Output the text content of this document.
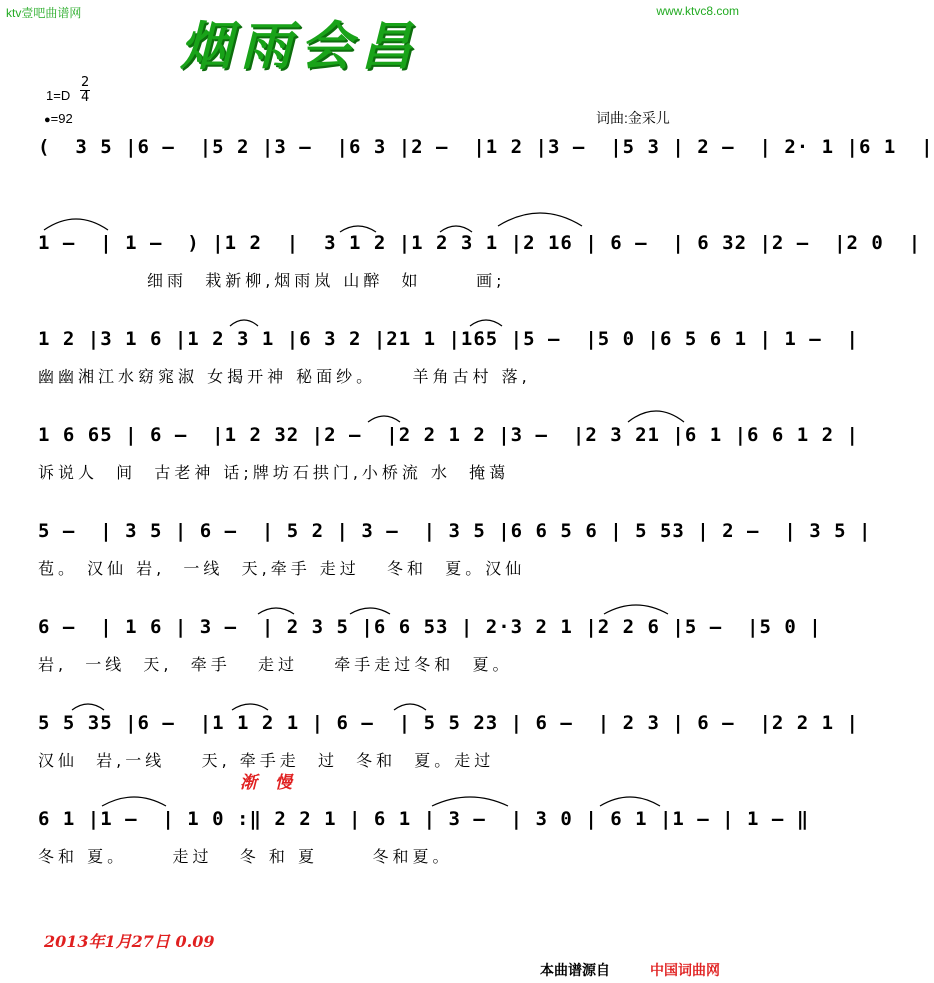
ktv壹吧曲谱网	www.ktvc8.com
烟雨会昌
$1=D \frac{2}{4}$
●=92	词曲:金采儿
(  3 5 |6 –  |5 2 |3 –  |6 3 |2 –  |1 2 |3 –  |5 3 | 2 –  | 2· 1 |6 1  |
1 –  | 1 –  ) |1 2  |  3 1 2 |1 2 3 1 |2 16 | 6 –  | 6 32 |2 –  |2 0  |
细雨  栽新柳,烟雨岚 山醉  如      画;
1 2 |3 1 6 |1 2 3 1 |6 3 2 |21 1 |165 |5 –  |5 0 |6 5 6 1 | 1 –  |
幽幽湘江水窈窕淑 女揭开神 秘面纱。    羊角古村 落,
1 6 65 | 6 –  |1 2 32 |2 –  |2 2 1 2 |3 –  |2 3 21 |6 1 |6 6 1 2 |
诉说人  间  古老神 话;牌坊石拱门,小桥流 水  掩蔼
5 –  | 3 5 | 6 –  | 5 2 | 3 –  | 3 5 |6 6 5 6 | 5 53 | 2 –  | 3 5 |
苞。 汉仙 岩,  一线  天,牵手 走过   冬和  夏。汉仙
6 –  | 1 6 | 3 –  | 2 3 5 |6 6 53 | 2·3 2 1 |2 2 6 |5 –  |5 0 |
岩,  一线  天,  牵手   走过    牵手走过冬和  夏。
5 5 35 |6 –  |1 1 2 1 | 6 –  | 5 5 23 | 6 –  | 2 3 | 6 –  |2 2 1 |
汉仙  岩,一线    天, 牵手走  过  冬和  夏。走过
渐 慢
6 1 |1 –  | 1 0 :‖ 2 2 1 | 6 1 | 3 –  | 3 0 | 6 1 |1 – | 1 – ‖
冬和 夏。     走过   冬 和 夏      冬和夏。
2013年1月27日 0.09
本曲谱源自	中国词曲网
